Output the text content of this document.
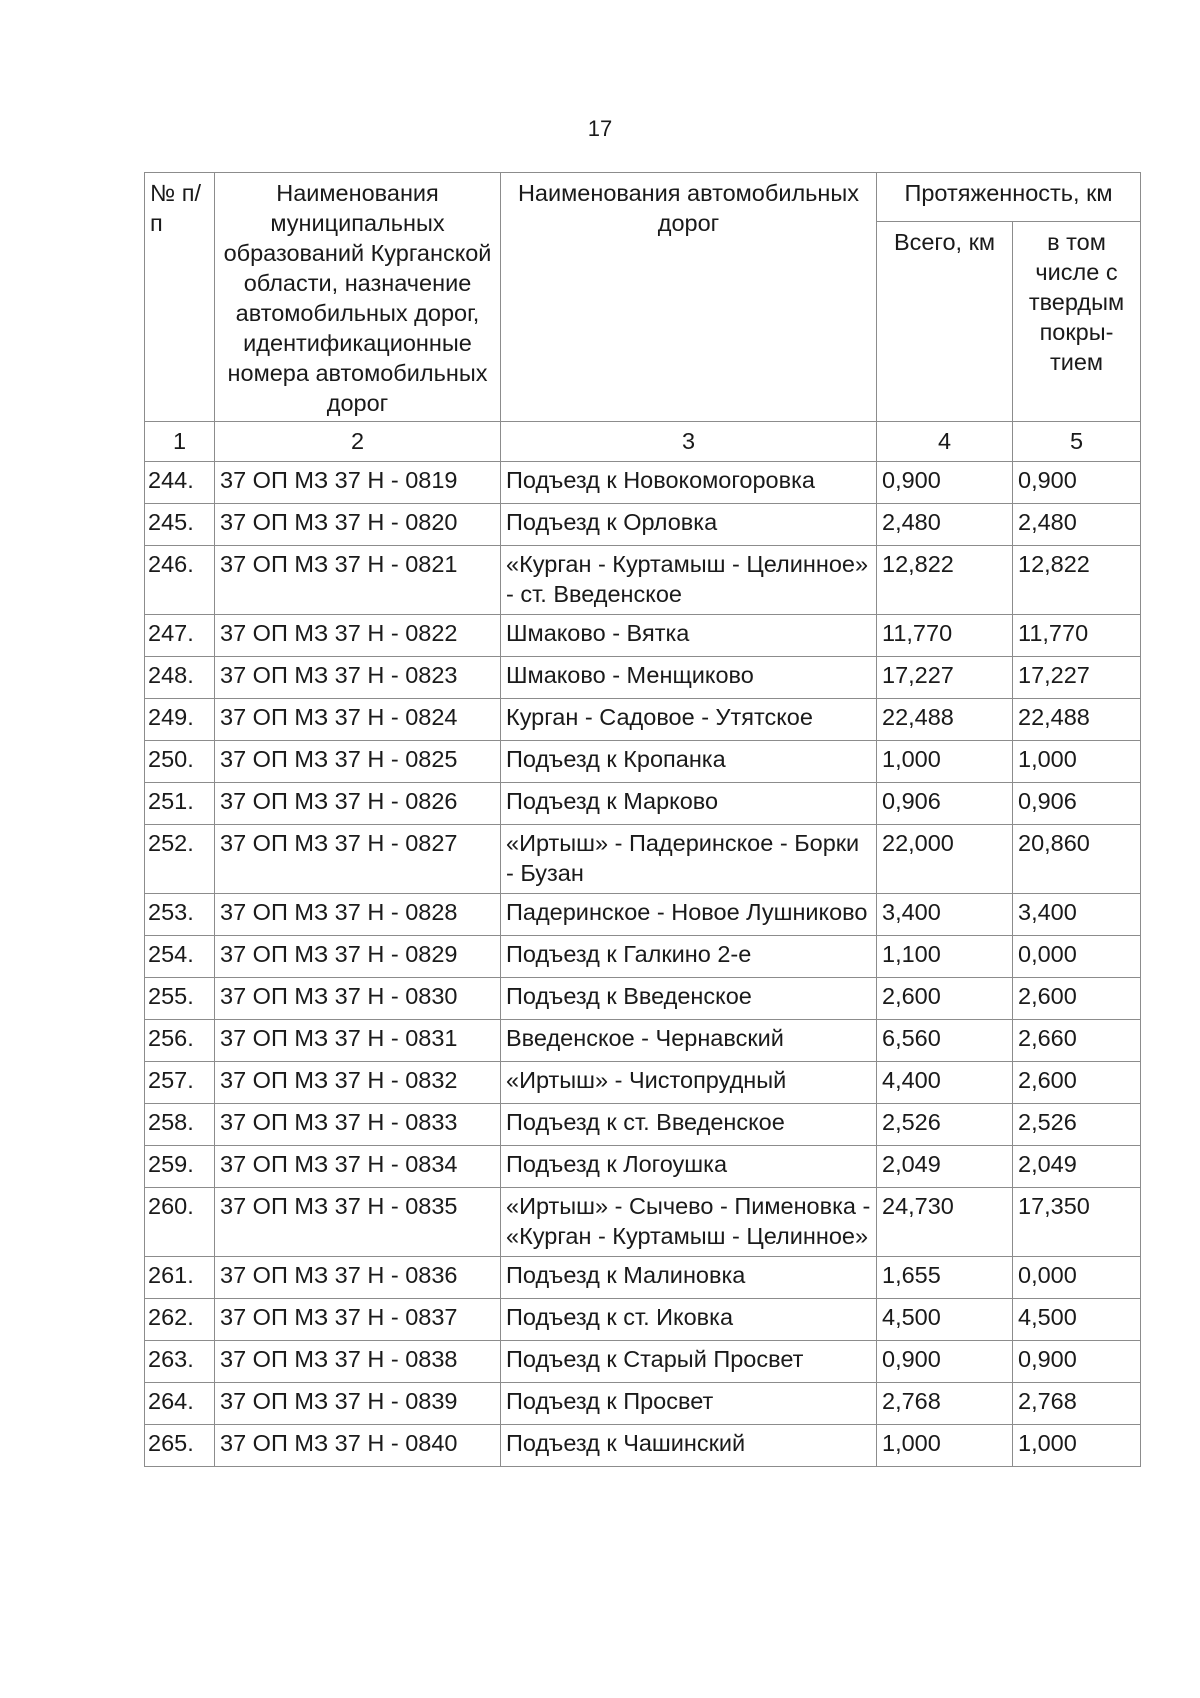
17
№ п/п	Наименования муниципальных образований Курганской области, назначение автомобильных дорог, идентификационные номера автомобильных дорог	Наименования автомобильных дорог	Протяженность, км	
			Всего, км	в том числе с твердым покры- тием
1	2	3	4	5
244.	37 ОП МЗ 37 Н - 0819	Подъезд к Новокомогоровка	0,900	0,900
245.	37 ОП МЗ 37 Н - 0820	Подъезд к Орловка	2,480	2,480
246.	37 ОП МЗ 37 Н - 0821	«Курган - Куртамыш - Целинное» - ст. Введенское	12,822	12,822
247.	37 ОП МЗ 37 Н - 0822	Шмаково - Вятка	11,770	11,770
248.	37 ОП МЗ 37 Н - 0823	Шмаково - Менщиково	17,227	17,227
249.	37 ОП МЗ 37 Н - 0824	Курган - Садовое - Утятское	22,488	22,488
250.	37 ОП МЗ 37 Н - 0825	Подъезд к Кропанка	1,000	1,000
251.	37 ОП МЗ 37 Н - 0826	Подъезд к Марково	0,906	0,906
252.	37 ОП МЗ 37 Н - 0827	«Иртыш» - Падеринское - Борки - Бузан	22,000	20,860
253.	37 ОП МЗ 37 Н - 0828	Падеринское - Новое Лушниково	3,400	3,400
254.	37 ОП МЗ 37 Н - 0829	Подъезд к Галкино 2-е	1,100	0,000
255.	37 ОП МЗ 37 Н - 0830	Подъезд к Введенское	2,600	2,600
256.	37 ОП МЗ 37 Н - 0831	Введенское - Чернавский	6,560	2,660
257.	37 ОП МЗ 37 Н - 0832	«Иртыш» - Чистопрудный	4,400	2,600
258.	37 ОП МЗ 37 Н - 0833	Подъезд к ст. Введенское	2,526	2,526
259.	37 ОП МЗ 37 Н - 0834	Подъезд к Логоушка	2,049	2,049
260.	37 ОП МЗ 37 Н - 0835	«Иртыш» - Сычево - Пименовка - «Курган - Куртамыш - Целинное»	24,730	17,350
261.	37 ОП МЗ 37 Н - 0836	Подъезд к Малиновка	1,655	0,000
262.	37 ОП МЗ 37 Н - 0837	Подъезд к ст. Иковка	4,500	4,500
263.	37 ОП МЗ 37 Н - 0838	Подъезд к Старый Просвет	0,900	0,900
264.	37 ОП МЗ 37 Н - 0839	Подъезд к Просвет	2,768	2,768
265.	37 ОП МЗ 37 Н - 0840	Подъезд к Чашинский	1,000	1,000
